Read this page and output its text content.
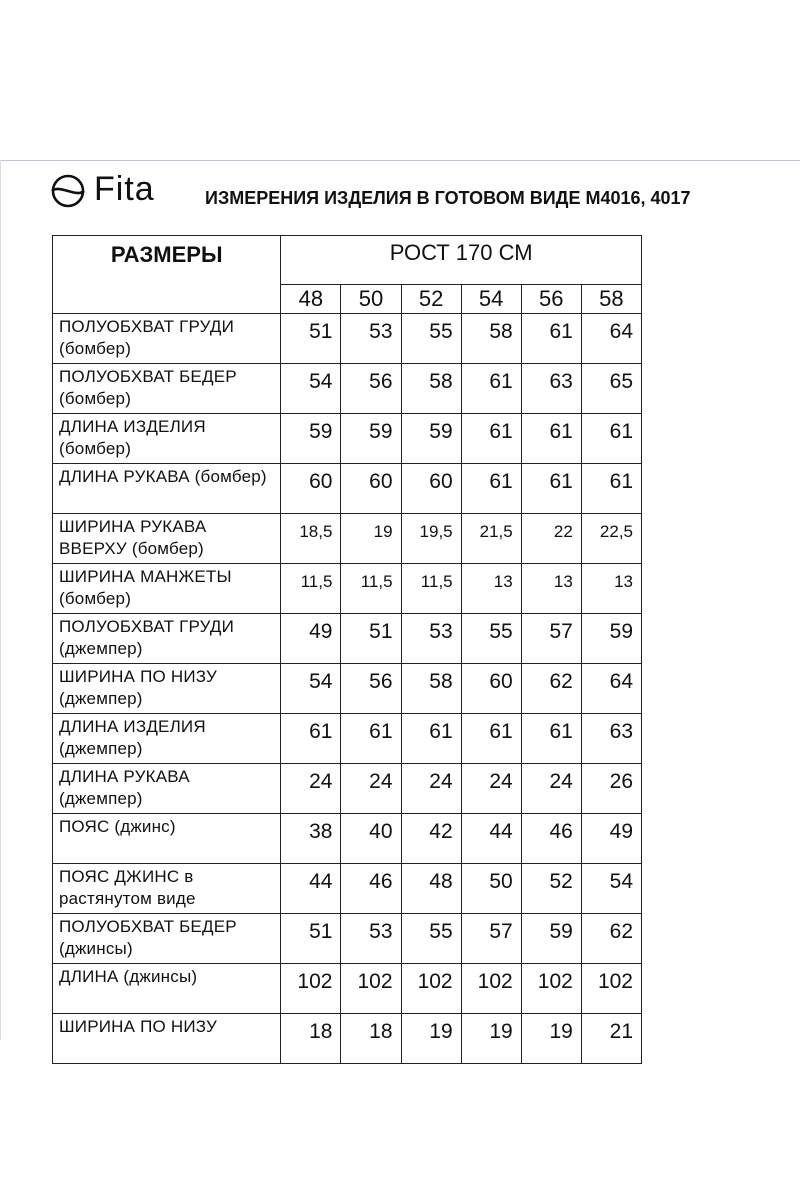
Fita	ИЗМЕРЕНИЯ ИЗДЕЛИЯ В ГОТОВОМ ВИДЕ М4016, 4017
РАЗМЕРЫ	РОСТ 170 СМ					
	48	50	52	54	56	58
ПОЛУОБХВАТ ГРУДИ (бомбер)	51	53	55	58	61	64
ПОЛУОБХВАТ БЕДЕР (бомбер)	54	56	58	61	63	65
ДЛИНА ИЗДЕЛИЯ (бомбер)	59	59	59	61	61	61
ДЛИНА РУКАВА (бомбер)	60	60	60	61	61	61
ШИРИНА РУКАВА ВВЕРХУ (бомбер)	18,5	19	19,5	21,5	22	22,5
ШИРИНА МАНЖЕТЫ (бомбер)	11,5	11,5	11,5	13	13	13
ПОЛУОБХВАТ ГРУДИ (джемпер)	49	51	53	55	57	59
ШИРИНА ПО НИЗУ (джемпер)	54	56	58	60	62	64
ДЛИНА ИЗДЕЛИЯ (джемпер)	61	61	61	61	61	63
ДЛИНА РУКАВА (джемпер)	24	24	24	24	24	26
ПОЯС (джинс)	38	40	42	44	46	49
ПОЯС ДЖИНС в растянутом виде	44	46	48	50	52	54
ПОЛУОБХВАТ БЕДЕР (джинсы)	51	53	55	57	59	62
ДЛИНА (джинсы)	102	102	102	102	102	102
ШИРИНА ПО НИЗУ	18	18	19	19	19	21
